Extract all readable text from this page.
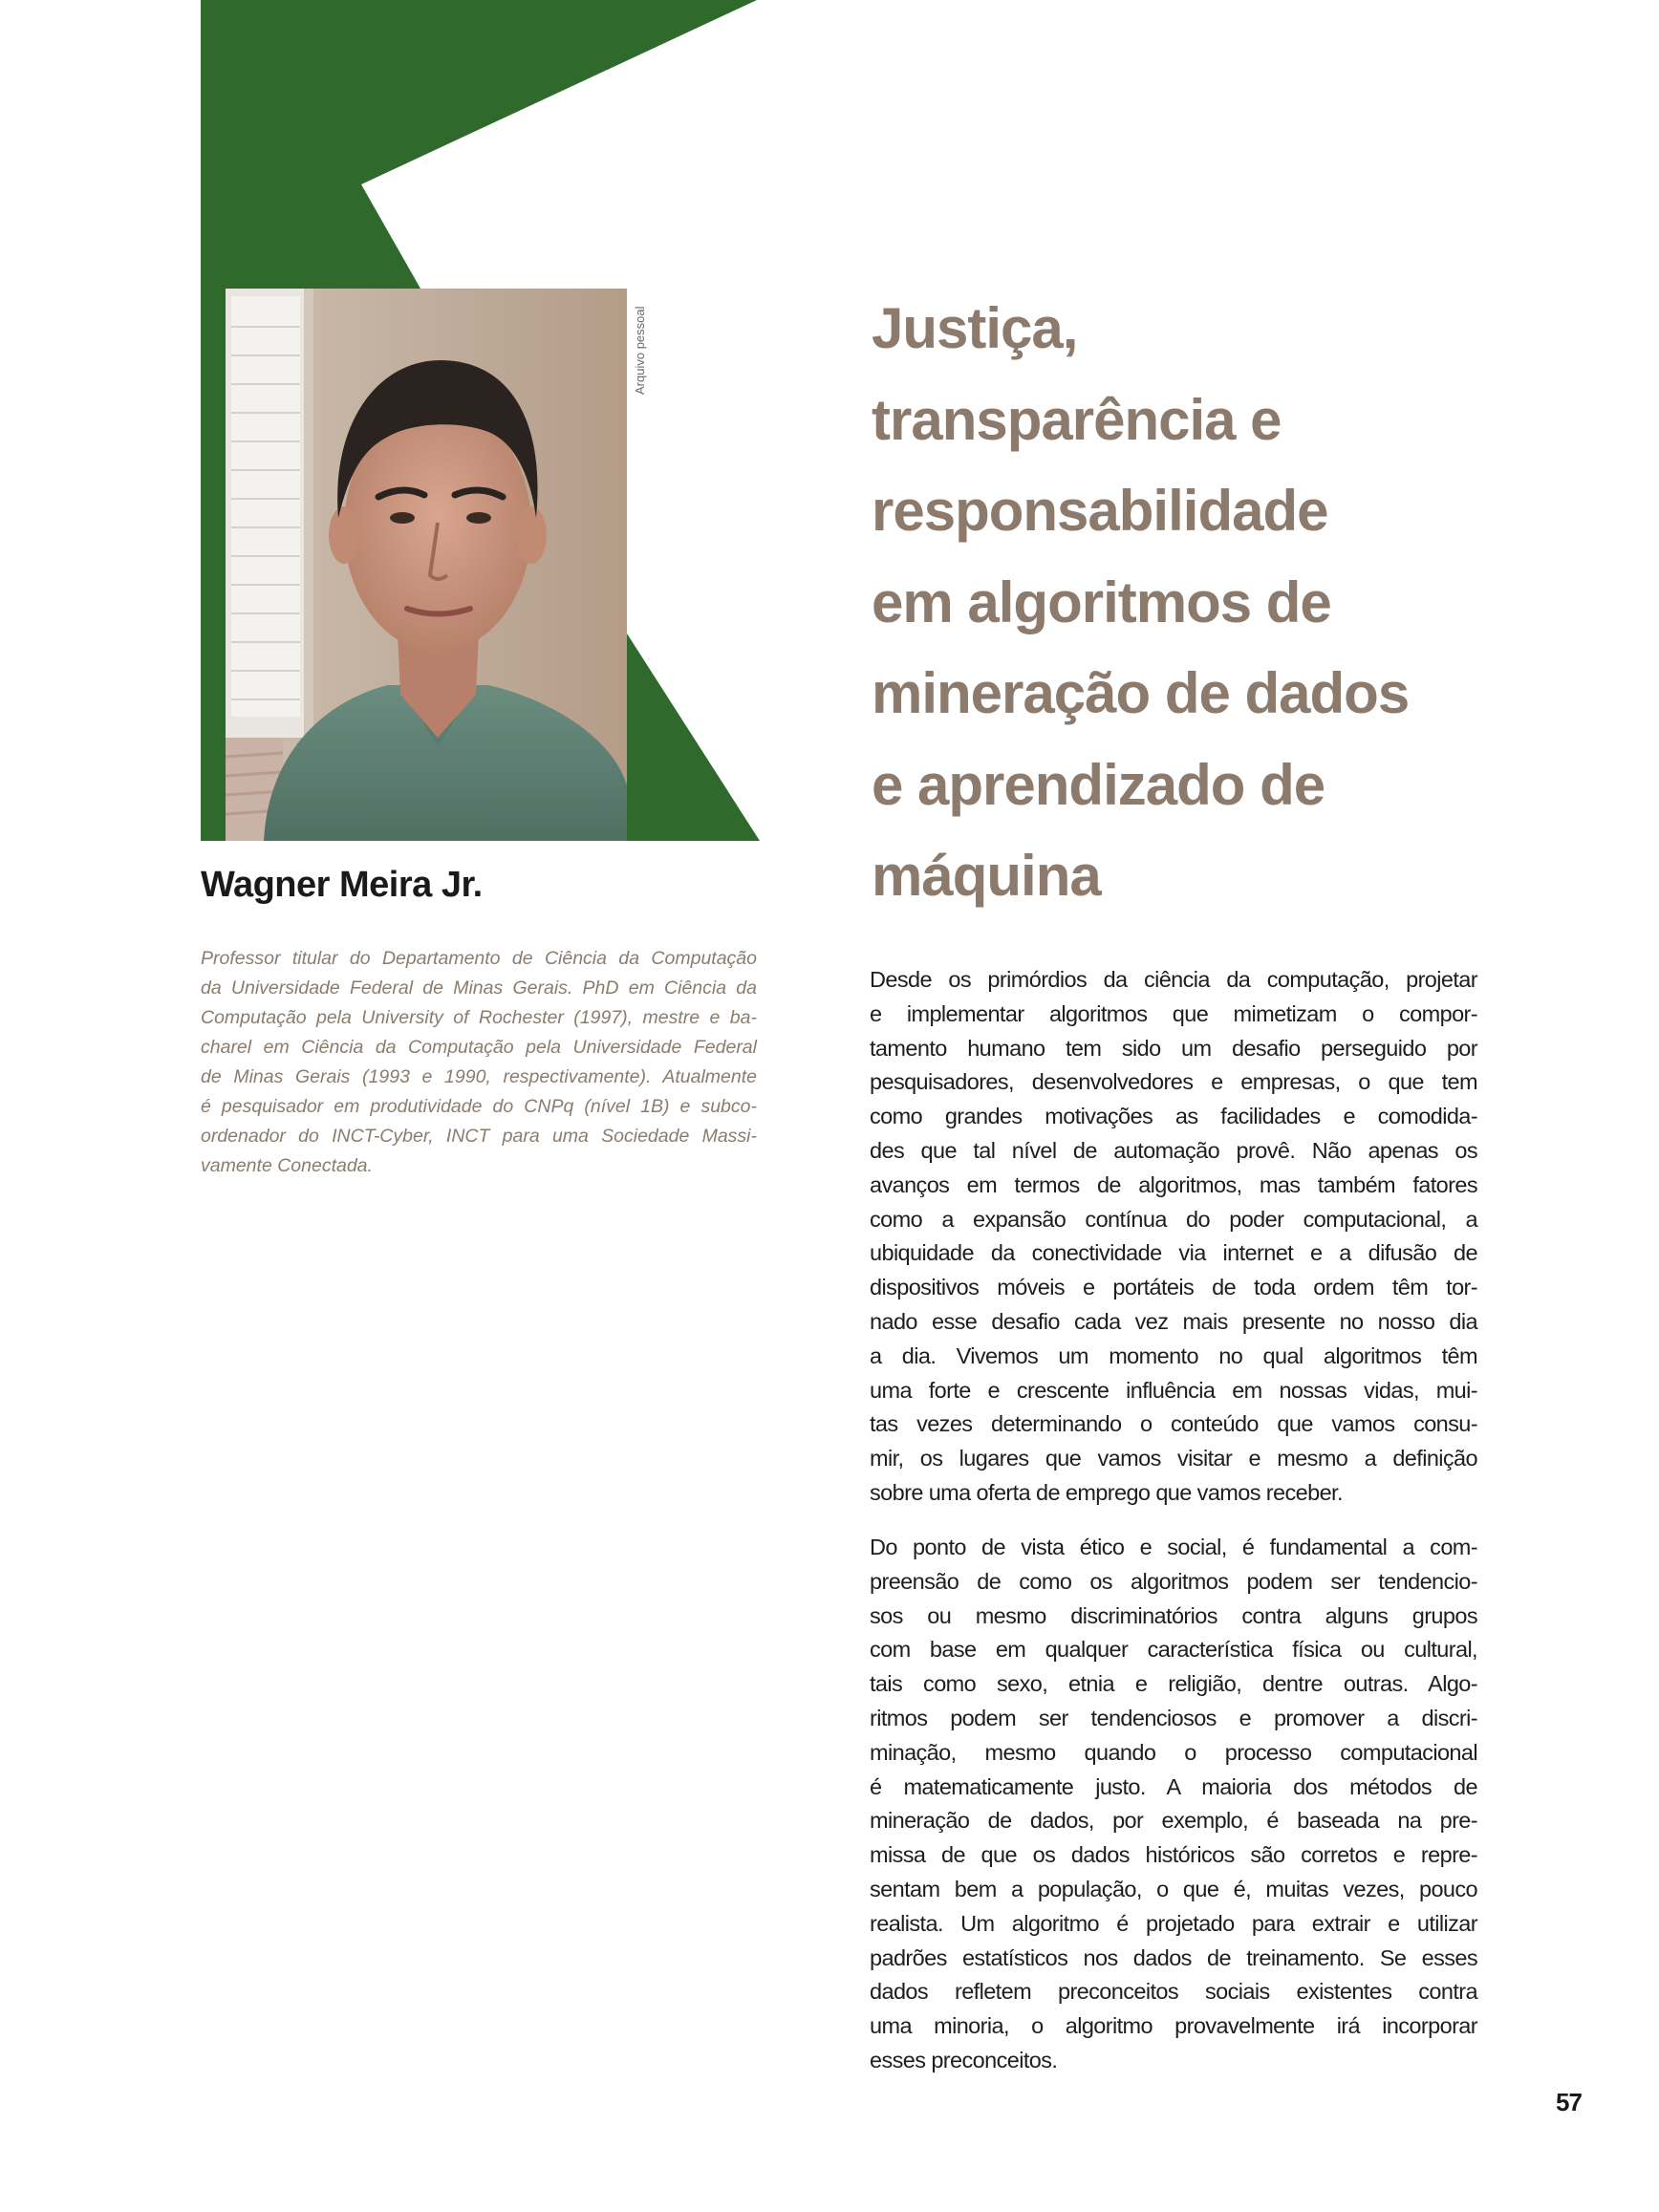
Arquivo pessoal
Wagner Meira Jr.

Professor titular do Departamento de Ciência da Computação
da Universidade Federal de Minas Gerais. PhD em Ciência da
Computação pela University of Rochester (1997), mestre e ba-
charel em Ciência da Computação pela Universidade Federal
de Minas Gerais (1993 e 1990, respectivamente). Atualmente
é pesquisador em produtividade do CNPq (nível 1B) e subco-
ordenador do INCT-Cyber, INCT para uma Sociedade Massi-
vamente Conectada.

Justiça,
transparência e
responsabilidade
em algoritmos de
mineração de dados
e aprendizado de
máquina

Desde os primórdios da ciência da computação, projetar
e implementar algoritmos que mimetizam o compor-
tamento humano tem sido um desafio perseguido por
pesquisadores, desenvolvedores e empresas, o que tem
como grandes motivações as facilidades e comodida-
des que tal nível de automação provê. Não apenas os
avanços em termos de algoritmos, mas também fatores
como a expansão contínua do poder computacional, a
ubiquidade da conectividade via internet e a difusão de
dispositivos móveis e portáteis de toda ordem têm tor-
nado esse desafio cada vez mais presente no nosso dia
a dia. Vivemos um momento no qual algoritmos têm
uma forte e crescente influência em nossas vidas, mui-
tas vezes determinando o conteúdo que vamos consu-
mir, os lugares que vamos visitar e mesmo a definição
sobre uma oferta de emprego que vamos receber.

Do ponto de vista ético e social, é fundamental a com-
preensão de como os algoritmos podem ser tendencio-
sos ou mesmo discriminatórios contra alguns grupos
com base em qualquer característica física ou cultural,
tais como sexo, etnia e religião, dentre outras. Algo-
ritmos podem ser tendenciosos e promover a discri-
minação, mesmo quando o processo computacional
é matematicamente justo. A maioria dos métodos de
mineração de dados, por exemplo, é baseada na pre-
missa de que os dados históricos são corretos e repre-
sentam bem a população, o que é, muitas vezes, pouco
realista. Um algoritmo é projetado para extrair e utilizar
padrões estatísticos nos dados de treinamento. Se esses
dados refletem preconceitos sociais existentes contra
uma minoria, o algoritmo provavelmente irá incorporar
esses preconceitos.

57
